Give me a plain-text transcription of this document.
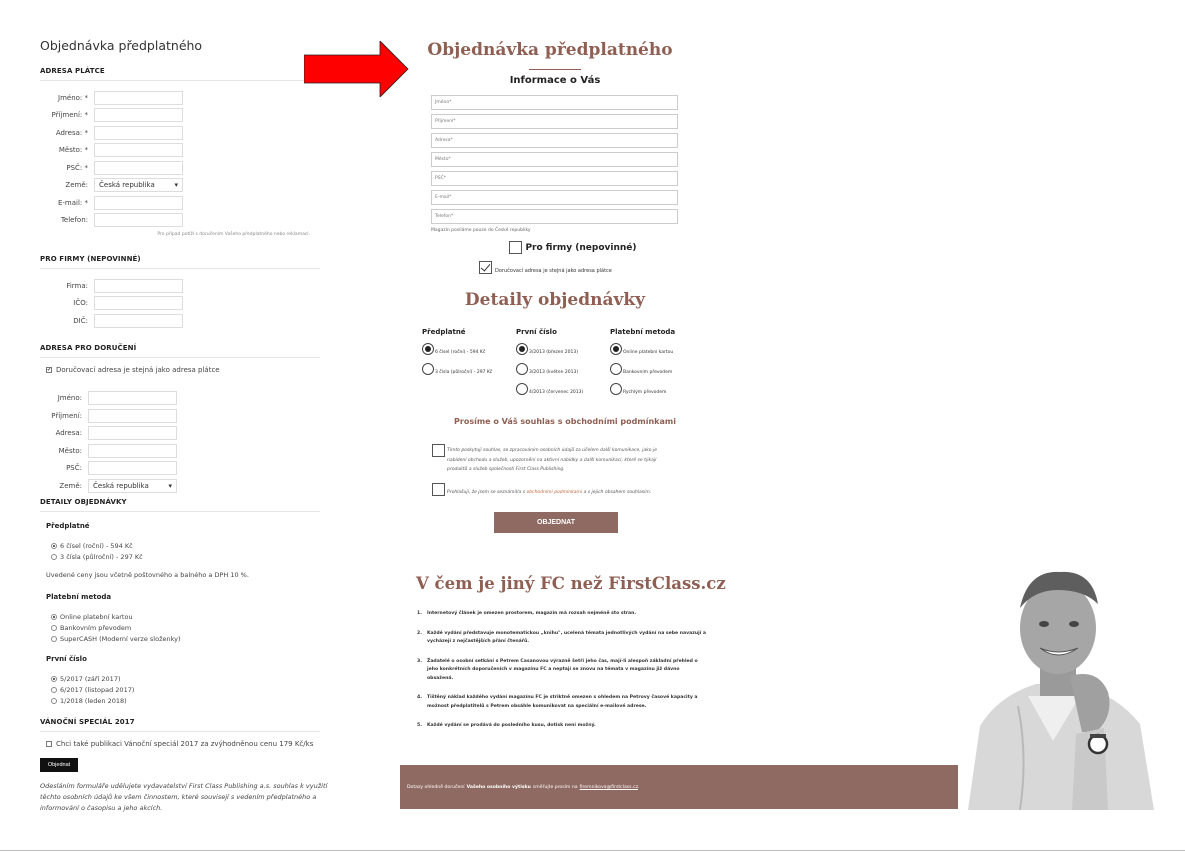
Objednávka předplatného
ADRESA PLÁTCE
Jméno: *
Příjmení: *
Adresa: *
Město: *
PSČ: *
Země:	Česká republika	▾
E-mail: *
Telefon:
Pro případ potíží s doručením Vašeho předplatného nebo reklamací.
PRO FIRMY (NEPOVINNÉ)
Firma:
IČO:
DIČ:
ADRESA PRO DORUČENÍ
✔ Doručovací adresa je stejná jako adresa plátce
Jméno:
Příjmení:
Adresa:
Město:
PSČ:
Země:	Česká republika	▾
DETAILY OBJEDNÁVKY
Předplatné
6 čísel (roční) - 594 Kč
3 čísla (půlroční) - 297 Kč
Uvedené ceny jsou včetně poštovného a balného a DPH 10 %.
Platební metoda
Online platební kartou
Bankovním převodem
SuperCASH (Moderní verze složenky)
První číslo
5/2017 (září 2017)
6/2017 (listopad 2017)
1/2018 (leden 2018)
VÁNOČNÍ SPECIÁL 2017
Chci také publikaci Vánoční speciál 2017 za zvýhodněnou cenu 179 Kč/ks
Objednat
Odesláním formuláře udělujete vydavatelství First Class Publishing a.s. souhlas k využití těchto osobních údajů ke všem činnostem, které souvisejí s vedením předplatného a informování o časopisu a jeho akcích.
Objednávka předplatného
Informace o Vás
Jméno*
Příjmení*
Adresa*
Město*
PSČ*
E-mail*
Telefon*
Magazín posíláme pouze do České republiky
Pro firmy (nepovinné)
Doručovací adresa je stejná jako adresa plátce
Detaily objednávky
Předplatné
6 čísel (roční) - 594 Kč
3 čísla (půlroční) - 297 Kč
První číslo
3/2013 (březen 2013)
3/2013 (květen 2013)
4/2013 (červenec 2013)
Platební metoda
Online platební kartou
Bankovním převodem
Rychlým převodem
Prosíme o Váš souhlas s obchodními podmínkami
Tímto poskytuji souhlas, se zpracováním osobních údajů za účelem další komunikace, jako je nabídení obchodu a služeb, upozornění na aktivní nabídky a další komunikaci, které se týkají produktů a služeb společnosti First Class Publishing.
Prohlašuji, že jsem se seznámil/a s obchodními podmínkami a s jejich obsahem souhlasím.
OBJEDNAT
V čem je jiný FC než FirstClass.cz
1.	Internetový článek je omezen prostorem, magazín má rozsah nejméně sto stran.
2.	Každé vydání představuje monotematickou „knihu", ucelená témata jednotlivých vydání na sebe navazují a vycházejí z nejčastějších přání čtenářů.
3.	Žadatelé o osobní setkání s Petrem Casanovou výrazně šetří jeho čas, mají-li alespoň základní přehled o jeho konkrétních doporučeních v magazínu FC a neptají se znovu na témata v magazínu již dávno obsažená.
4.	Tištěný náklad každého vydání magazínu FC je striktně omezen s ohledem na Petrovy časové kapacity a možnost předplatitelů s Petrem obsáhle komunikovat na speciální e-mailové adrese.
5.	Každé vydání se prodává do posledního kusu, dotisk není možný.
Dotazy ohledně doručení Vašeho osobního výtisku směřujte prosím na firemnikova@firstclass.cz .
